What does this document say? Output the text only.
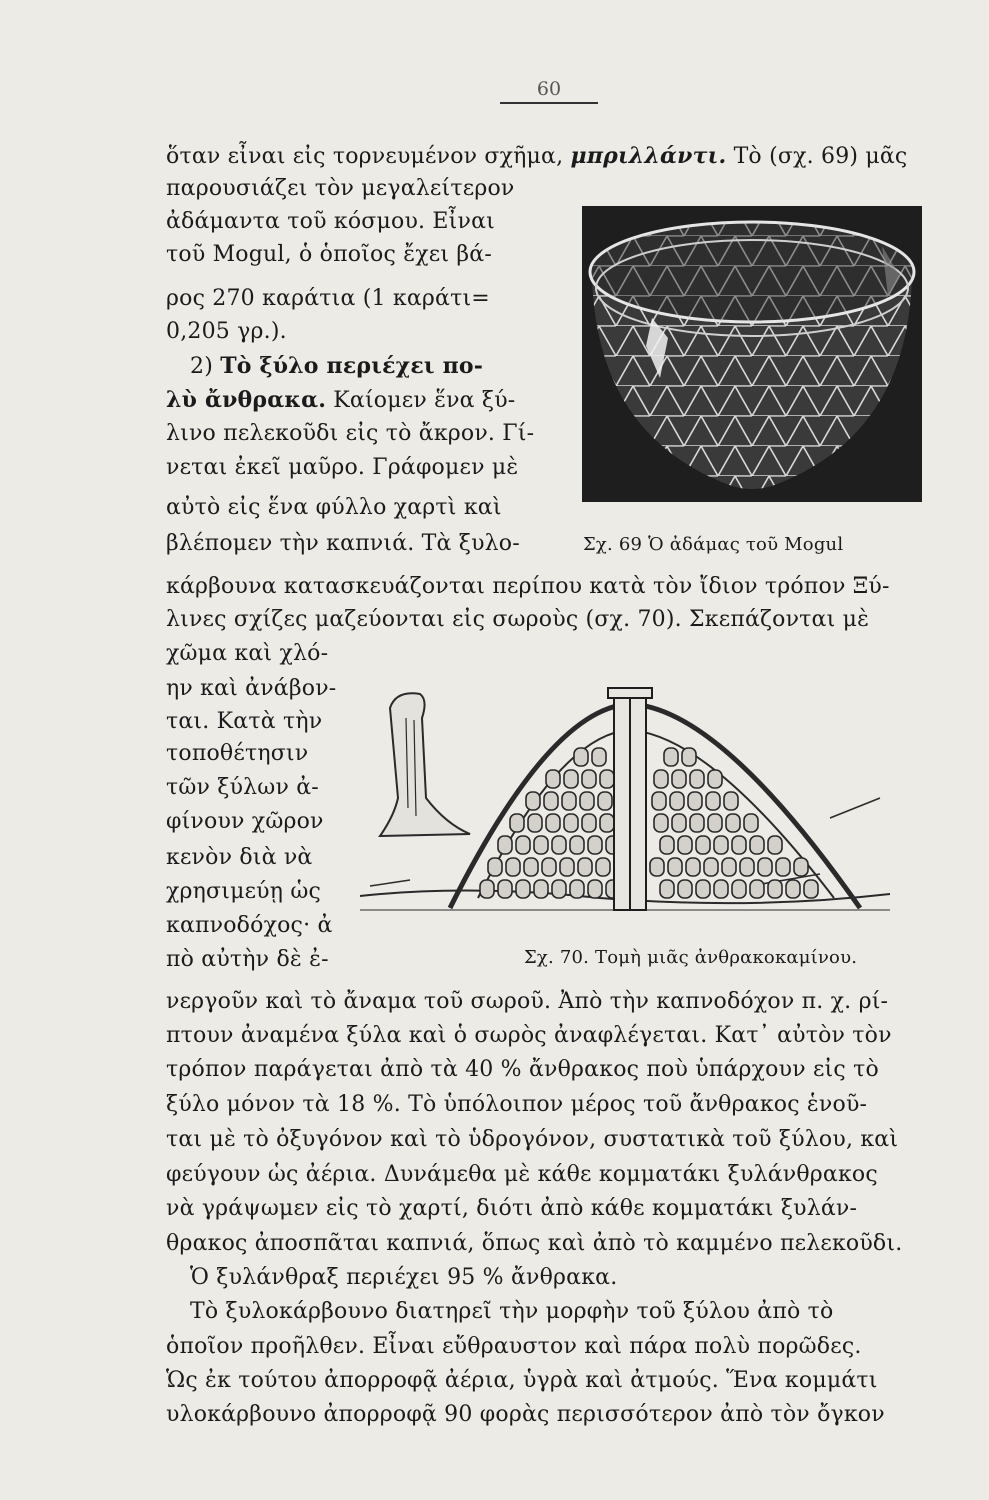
60
ὅταν εἶναι εἰς τορνευμένον σχῆμα, μπριλλάντι. Τὸ (σχ. 69) μᾶς
παρουσιάζει τὸν μεγαλείτερον
ἀδάμαντα τοῦ κόσμου. Εἶναι
τοῦ Mogul, ὁ ὁποῖος ἔχει βά-
ρος 270 καράτια (1 καράτι=
0,205 γρ.).
2) Τὸ ξύλο περιέχει πο-
λὺ ἄνθρακα. Καίομεν ἕνα ξύ-
λινο πελεκοῦδι εἰς τὸ ἄκρον. Γί-
νεται ἐκεῖ μαῦρο. Γράφομεν μὲ
αὐτὸ εἰς ἕνα φύλλο χαρτὶ καὶ
βλέπομεν τὴν καπνιά. Τὰ ξυλο-	Σχ. 69 Ὁ ἀδάμας τοῦ Mogul
κάρβουνα κατασκευάζονται περίπου κατὰ τὸν ἴδιον τρόπον Ξύ-
λινες σχίζες μαζεύονται εἰς σωροὺς (σχ. 70). Σκεπάζονται μὲ
χῶμα καὶ χλό-
ην καὶ ἀνάβον-
ται. Κατὰ τὴν
τοποθέτησιν
τῶν ξύλων ἀ-
φίνουν χῶρον
κενὸν διὰ νὰ
χρησιμεύῃ ὡς
καπνοδόχος· ἀ
πὸ αὐτὴν δὲ ἐ-	Σχ. 70. Τομὴ μιᾶς ἀνθρακοκαμίνου.
νεργοῦν καὶ τὸ ἄναμα τοῦ σωροῦ. Ἀπὸ τὴν καπνοδόχον π. χ. ρί-
πτουν ἀναμένα ξύλα καὶ ὁ σωρὸς ἀναφλέγεται. Κατ᾽ αὐτὸν τὸν
τρόπον παράγεται ἀπὸ τὰ 40 % ἄνθρακος ποὺ ὑπάρχουν εἰς τὸ
ξύλο μόνον τὰ 18 %. Τὸ ὑπόλοιπον μέρος τοῦ ἄνθρακος ἑνοῦ-
ται μὲ τὸ ὀξυγόνον καὶ τὸ ὑδρογόνον, συστατικὰ τοῦ ξύλου, καὶ
φεύγουν ὡς ἀέρια. Δυνάμεθα μὲ κάθε κομματάκι ξυλάνθρακος
νὰ γράψωμεν εἰς τὸ χαρτί, διότι ἀπὸ κάθε κομματάκι ξυλάν-
θρακος ἀποσπᾶται καπνιά, ὅπως καὶ ἀπὸ τὸ καμμένο πελεκοῦδι.
Ὁ ξυλάνθραξ περιέχει 95 % ἄνθρακα.
Τὸ ξυλοκάρβουνο διατηρεῖ τὴν μορφὴν τοῦ ξύλου ἀπὸ τὸ
ὁποῖον προῆλθεν. Εἶναι εὔθραυστον καὶ πάρα πολὺ πορῶδες.
Ὡς ἐκ τούτου ἀπορροφᾷ ἀέρια, ὑγρὰ καὶ ἀτμούς. Ἕνα κομμάτι
υλοκάρβουνο ἀπορροφᾷ 90 φορὰς περισσότερον ἀπὸ τὸν ὄγκον
